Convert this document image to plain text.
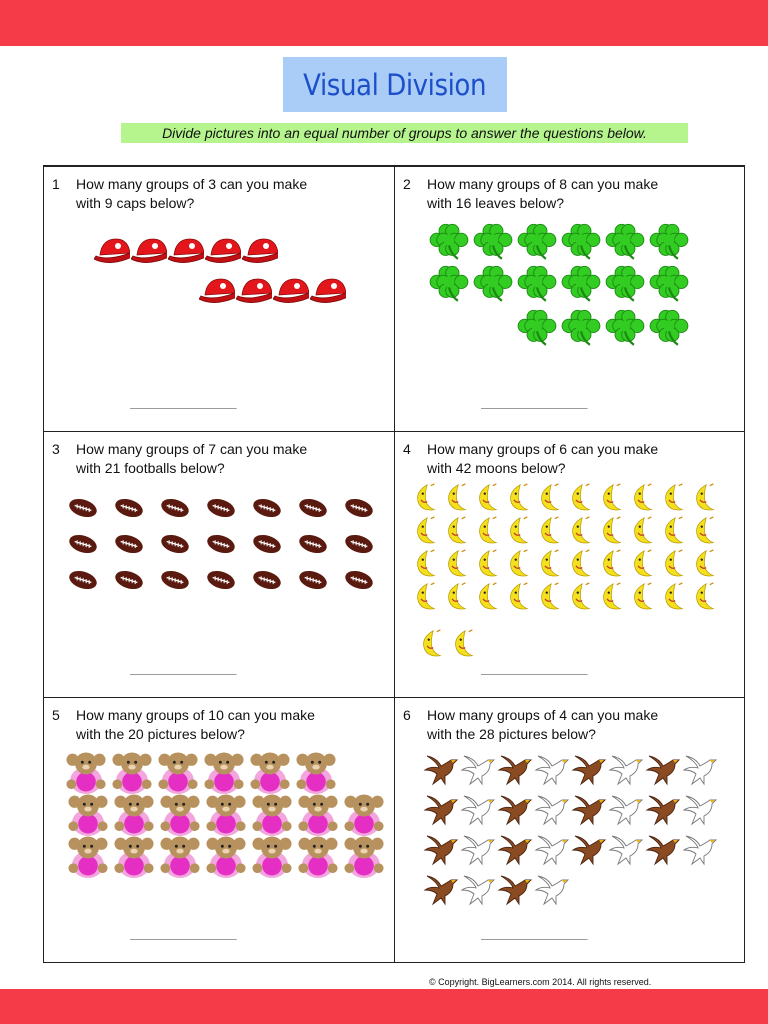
Visual Division
Divide pictures into an equal number of groups to answer the questions below.
1 How many groups of 3 can you make
with 9 caps below?
________________
2 How many groups of 8 can you make
with 16 leaves below?
________________
3 How many groups of 7 can you make
with 21 footballs below?
________________
4 How many groups of 6 can you make
with 42 moons below?
________________
5 How many groups of 10 can you make
with the 20 pictures below?
________________
6 How many groups of 4 can you make
with the 28 pictures below?
________________
© Copyright. BigLearners.com 2014. All rights reserved.
